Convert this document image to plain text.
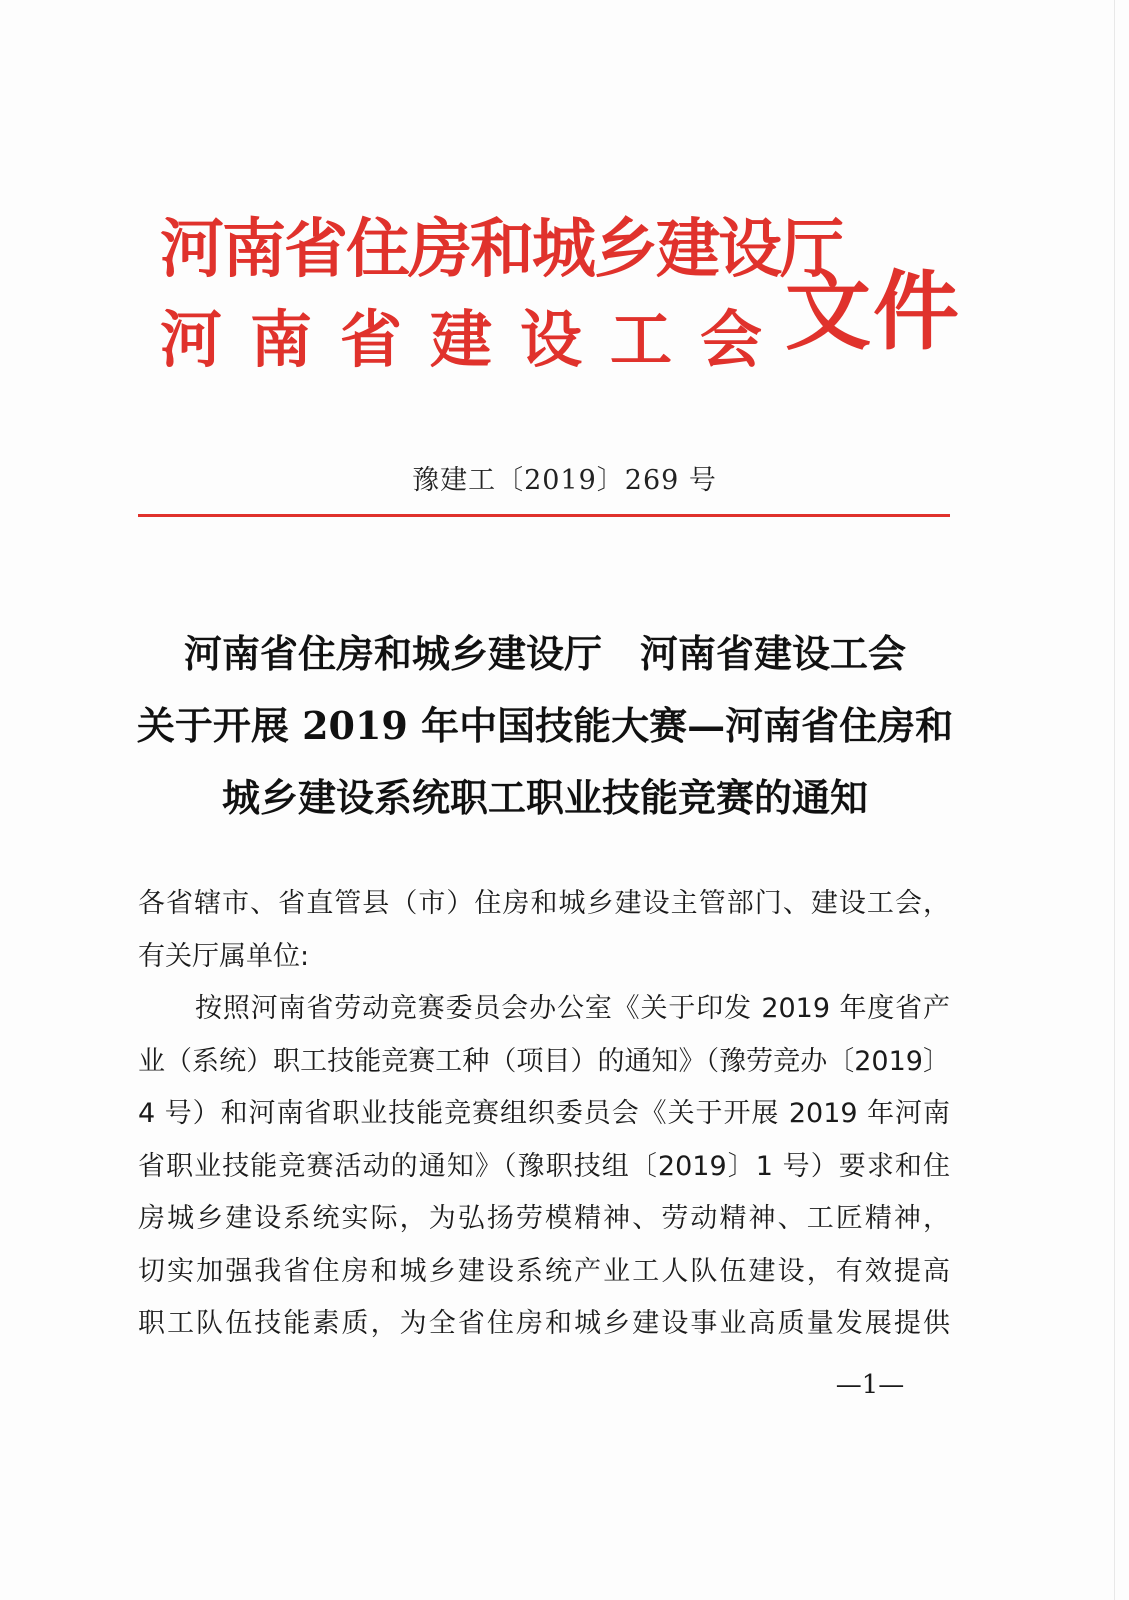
河南省住房和城乡建设厅
河南省建设工会
文件
豫建工〔2019〕269 号
河南省住房和城乡建设厅　河南省建设工会
关于开展 2019 年中国技能大赛—河南省住房和
城乡建设系统职工职业技能竞赛的通知
各省辖市、省直管县（市）住房和城乡建设主管部门、建设工会，
有关厅属单位:
按照河南省劳动竞赛委员会办公室《关于印发 2019 年度省产
业（系统）职工技能竞赛工种（项目）的通知》（豫劳竞办〔2019〕
4 号）和河南省职业技能竞赛组织委员会《关于开展 2019 年河南
省职业技能竞赛活动的通知》（豫职技组〔2019〕1 号）要求和住
房城乡建设系统实际，为弘扬劳模精神、劳动精神、工匠精神，
切实加强我省住房和城乡建设系统产业工人队伍建设，有效提高
职工队伍技能素质，为全省住房和城乡建设事业高质量发展提供
—1—
